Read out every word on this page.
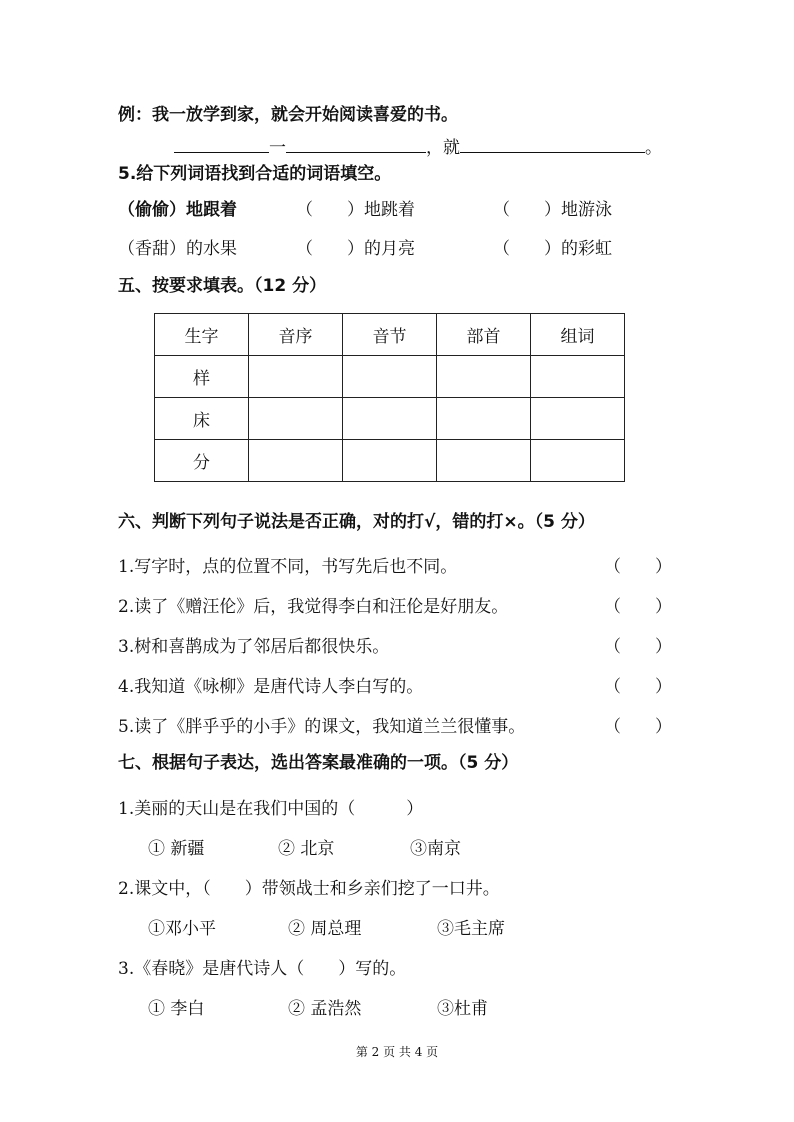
例：我一放学到家，就会开始阅读喜爱的书。
一	，就	。
5.给下列词语找到合适的词语填空。
（偷偷）地跟着	（　　）地跳着	（　　）地游泳
（香甜）的水果	（　　）的月亮	（　　）的彩虹
五、按要求填表。（12 分）
生字	音序	音节	部首	组词
样				
床				
分				
六、判断下列句子说法是否正确，对的打√，错的打×。（5 分）
1.写字时，点的位置不同，书写先后也不同。	（　　）
2.读了《赠汪伦》后，我觉得李白和汪伦是好朋友。	（　　）
3.树和喜鹊成为了邻居后都很快乐。	（　　）
4.我知道《咏柳》是唐代诗人李白写的。	（　　）
5.读了《胖乎乎的小手》的课文，我知道兰兰很懂事。	（　　）
七、根据句子表达，选出答案最准确的一项。（5 分）
1.美丽的天山是在我们中国的（　　　）
① 新疆	② 北京	③南京
2.课文中，（　　）带领战士和乡亲们挖了一口井。
①邓小平	② 周总理	③毛主席
3.《春晓》是唐代诗人（　　）写的。
① 李白	② 孟浩然	③杜甫
第 2 页 共 4 页
